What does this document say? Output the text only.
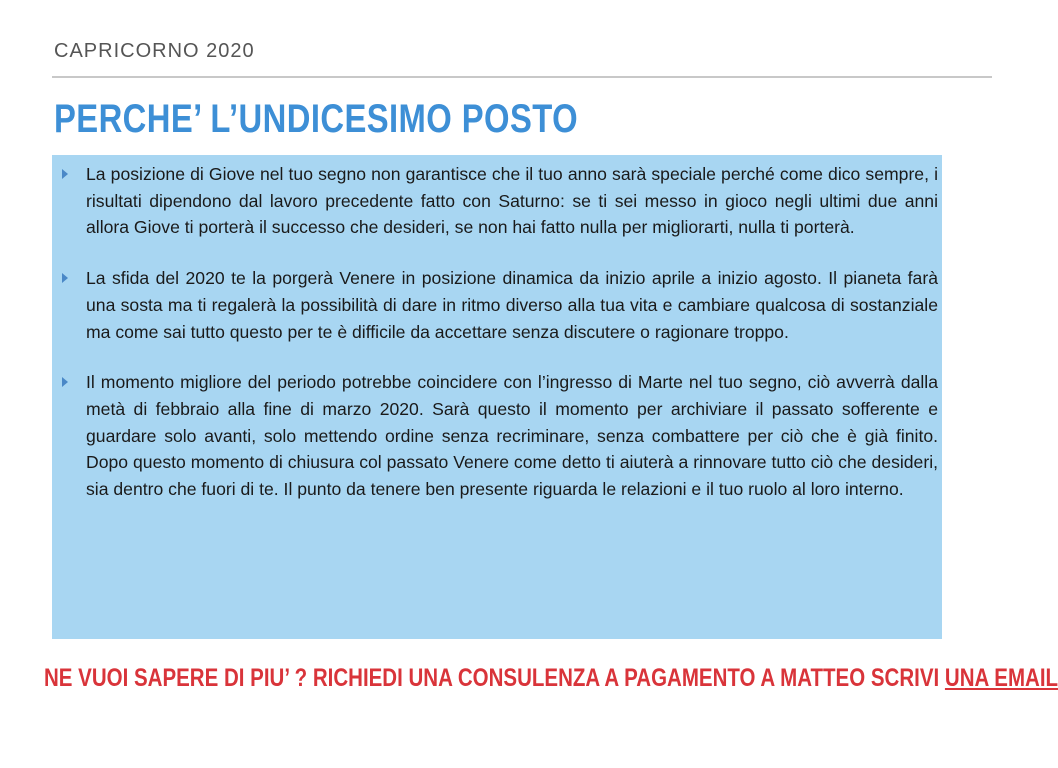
CAPRICORNO 2020
PERCHE’ L’UNDICESIMO POSTO
La posizione di Giove nel tuo segno non garantisce che il tuo anno sarà speciale perché come dico sempre, i risultati dipendono dal lavoro precedente fatto con Saturno: se ti sei messo in gioco negli ultimi due anni allora Giove ti porterà il successo che desideri, se non hai fatto nulla per migliorarti, nulla ti porterà.
La sfida del 2020 te la porgerà Venere in posizione dinamica da inizio aprile a inizio agosto. Il pianeta farà una sosta ma ti regalerà la possibilità di dare in ritmo diverso alla tua vita e cambiare qualcosa di sostanziale ma come sai tutto questo per te è difficile da accettare senza discutere o ragionare troppo.
Il momento migliore del periodo potrebbe coincidere con l’ingresso di Marte nel tuo segno, ciò avverrà dalla metà di febbraio alla fine di marzo 2020. Sarà questo il momento per archiviare il passato sofferente e guardare solo avanti, solo mettendo ordine senza recriminare, senza combattere per ciò che è già finito. Dopo questo momento di chiusura col passato Venere come detto ti aiuterà a rinnovare tutto ciò che desideri, sia dentro che fuori di te. Il punto da tenere ben presente riguarda le relazioni e il tuo ruolo al loro interno.
NE VUOI SAPERE DI PIU’ ? RICHIEDI UNA CONSULENZA A PAGAMENTO A MATTEO SCRIVI UNA EMAIL
